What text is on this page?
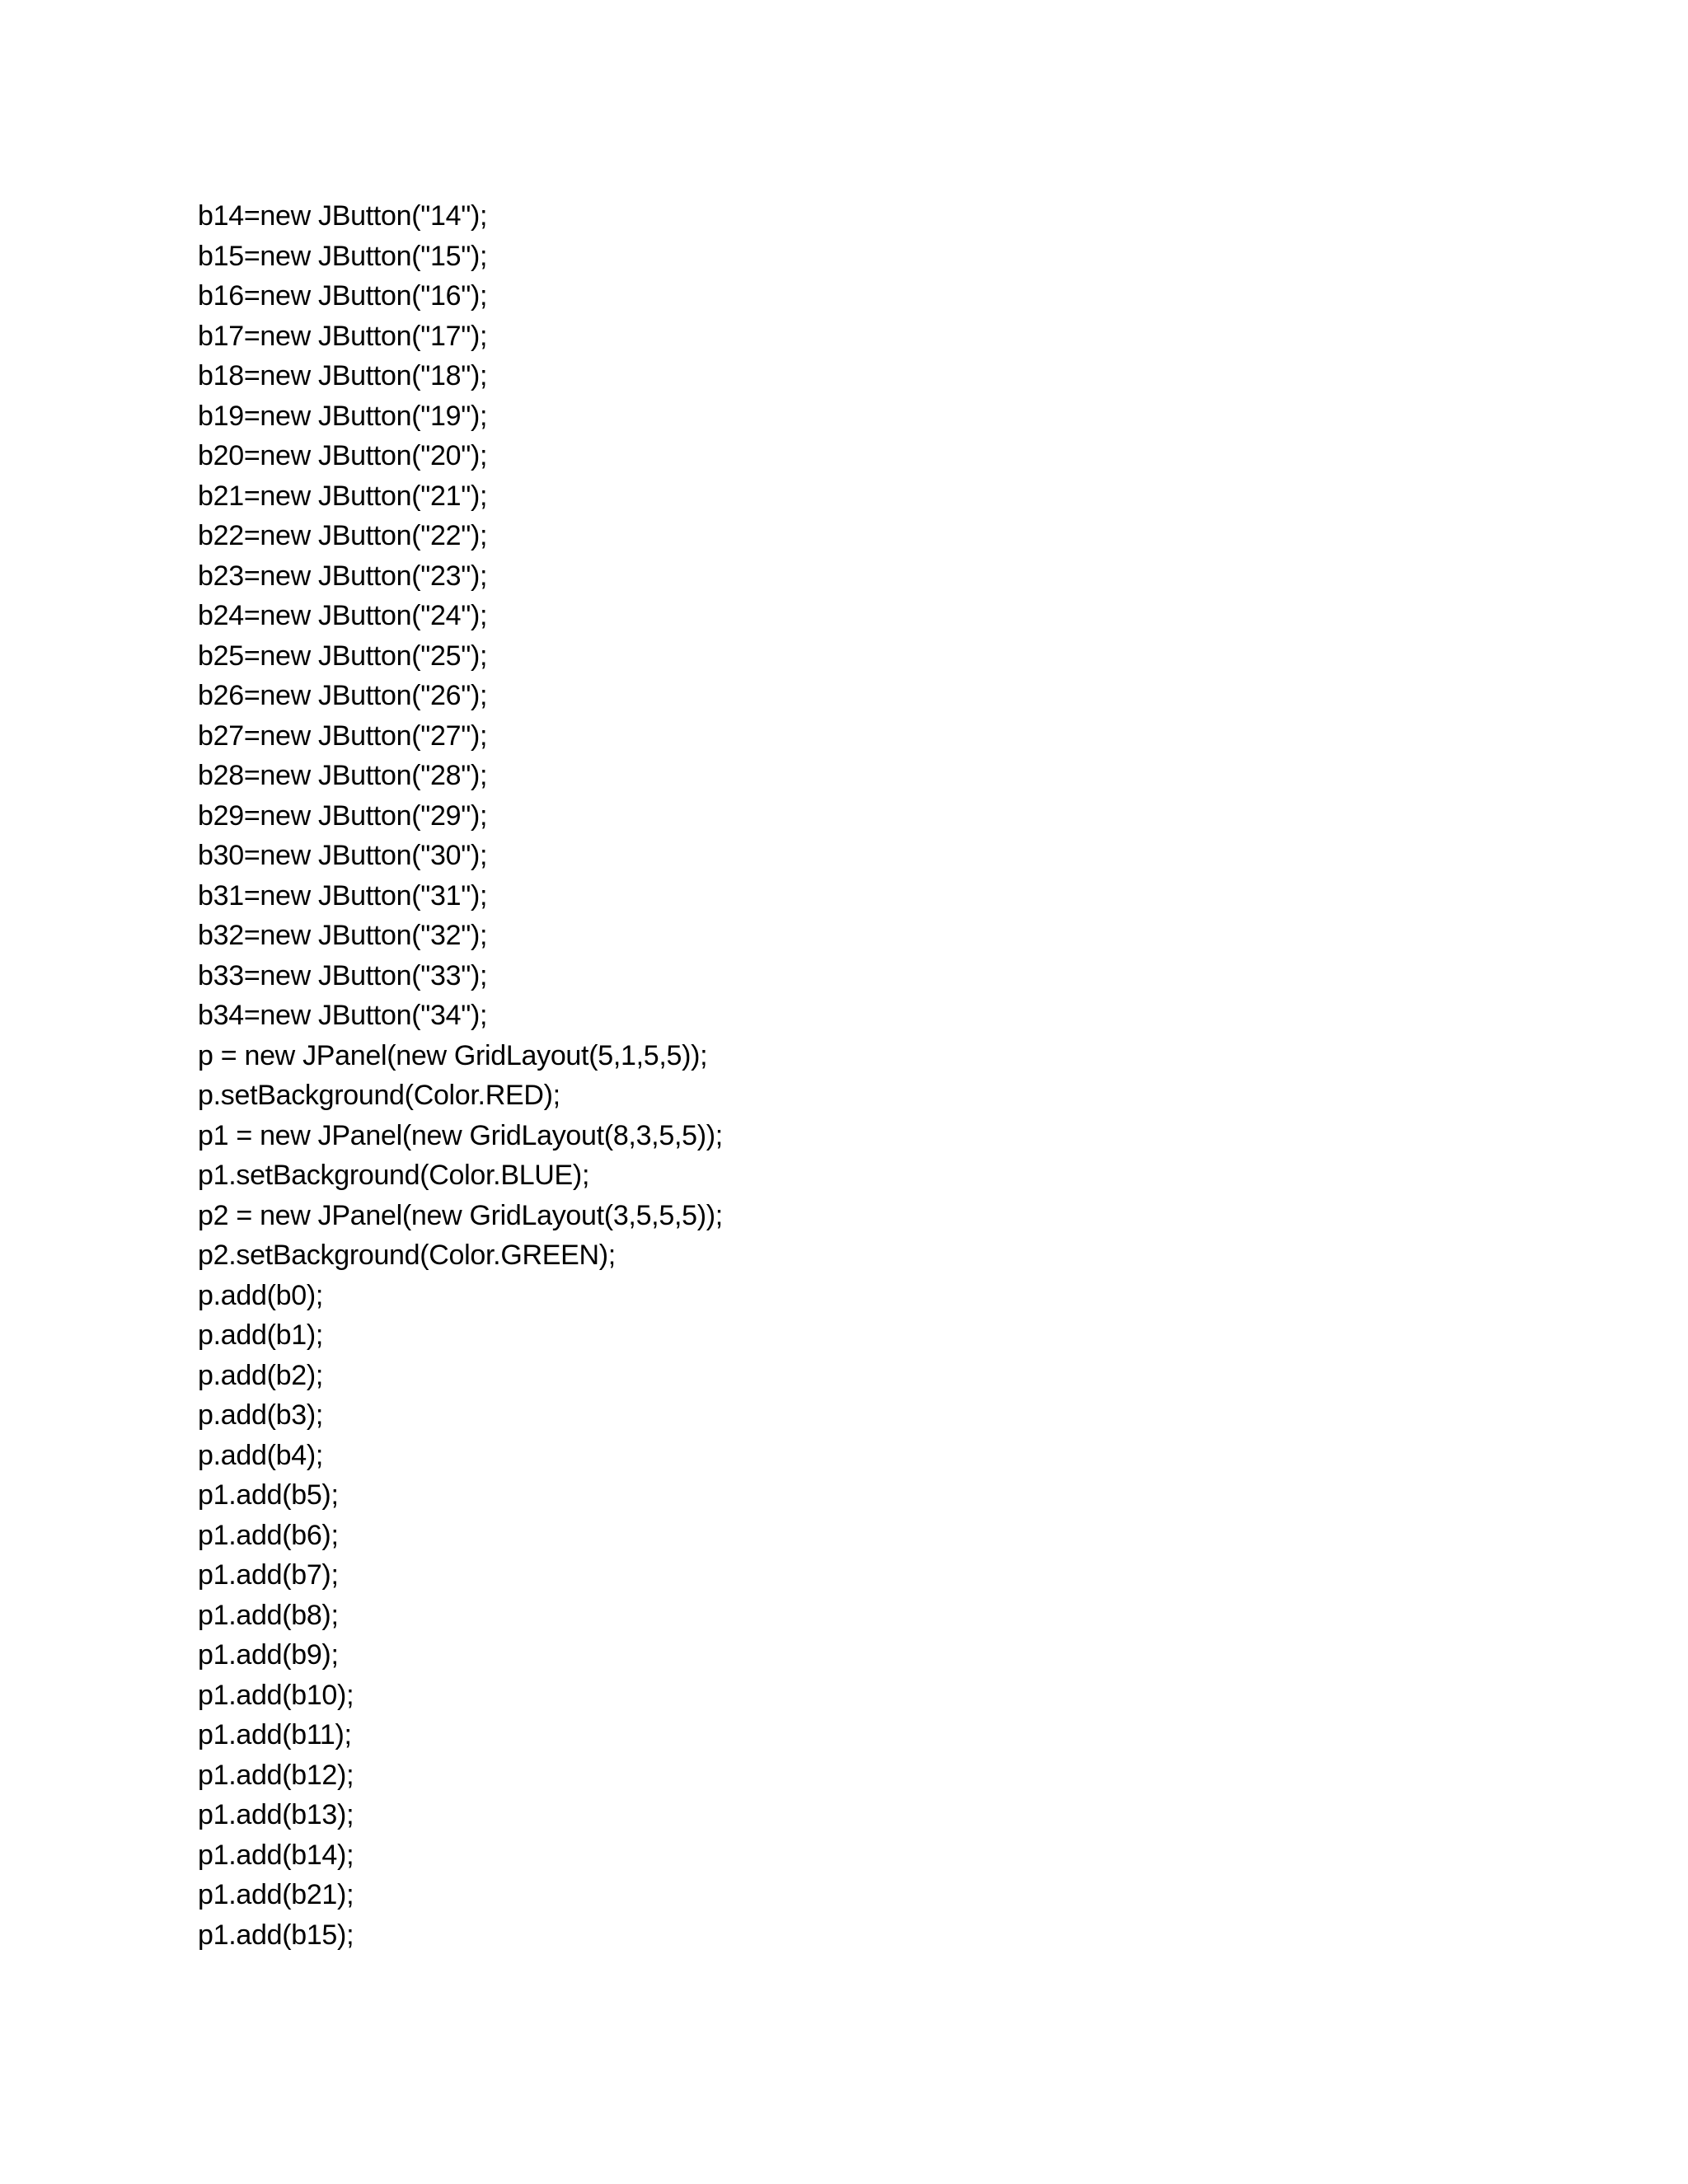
b14=new JButton("14");
b15=new JButton("15");
b16=new JButton("16");
b17=new JButton("17");
b18=new JButton("18");
b19=new JButton("19");
b20=new JButton("20");
b21=new JButton("21");
b22=new JButton("22");
b23=new JButton("23");
b24=new JButton("24");
b25=new JButton("25");
b26=new JButton("26");
b27=new JButton("27");
b28=new JButton("28");
b29=new JButton("29");
b30=new JButton("30");
b31=new JButton("31");
b32=new JButton("32");
b33=new JButton("33");
b34=new JButton("34");
p = new JPanel(new GridLayout(5,1,5,5));
p.setBackground(Color.RED);
p1 = new JPanel(new GridLayout(8,3,5,5));
p1.setBackground(Color.BLUE);
p2 = new JPanel(new GridLayout(3,5,5,5));
p2.setBackground(Color.GREEN);
p.add(b0);
p.add(b1);
p.add(b2);
p.add(b3);
p.add(b4);
p1.add(b5);
p1.add(b6);
p1.add(b7);
p1.add(b8);
p1.add(b9);
p1.add(b10);
p1.add(b11);
p1.add(b12);
p1.add(b13);
p1.add(b14);
p1.add(b21);
p1.add(b15);
